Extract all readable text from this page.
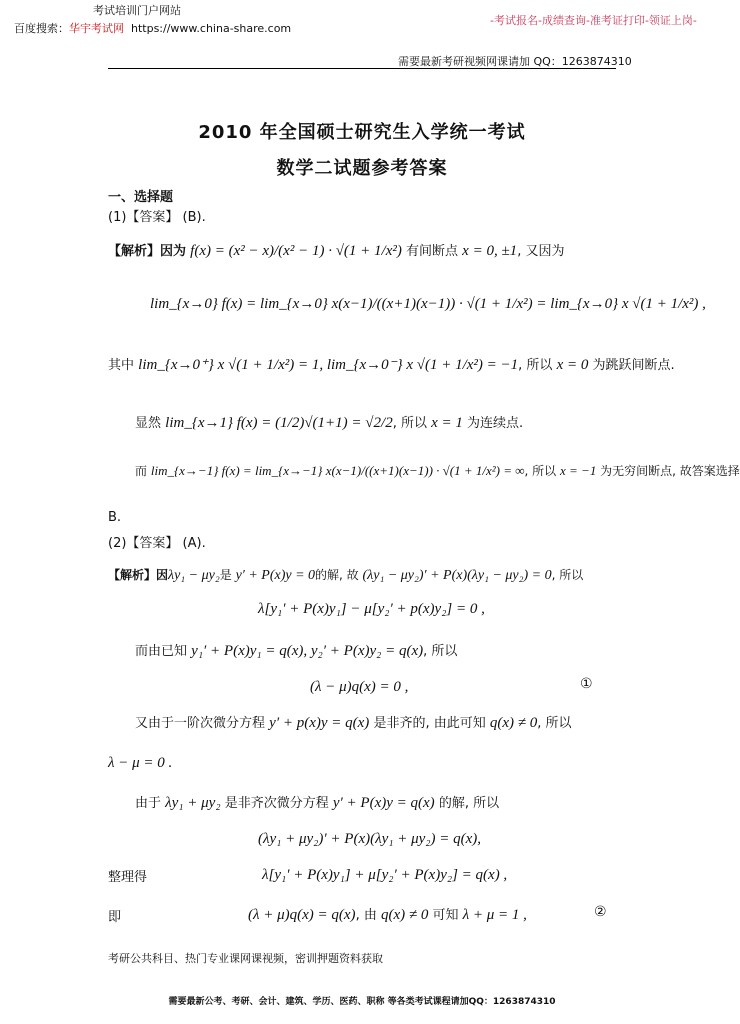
考试培训门户网站
百度搜索：华宇考试网 https://www.china-share.com
-考试报名-成绩查询-准考证打印-领证上岗-
需要最新考研视频网课请加 QQ：1263874310
2010 年全国硕士研究生入学统一考试
数学二试题参考答案
一、选择题
(1)【答案】 (B).
【解析】因为 f(x) = (x² − x)/(x² − 1) · √(1 + 1/x²) 有间断点 x = 0, ±1, 又因为
lim_{x→0} f(x) = lim_{x→0} x(x−1)/((x+1)(x−1)) · √(1 + 1/x²) = lim_{x→0} x √(1 + 1/x²) ,
其中 lim_{x→0⁺} x √(1 + 1/x²) = 1, lim_{x→0⁻} x √(1 + 1/x²) = −1, 所以 x = 0 为跳跃间断点.
显然 lim_{x→1} f(x) = (1/2)√(1+1) = √2/2, 所以 x = 1 为连续点.
而 lim_{x→−1} f(x) = lim_{x→−1} x(x−1)/((x+1)(x−1)) · √(1 + 1/x²) = ∞, 所以 x = −1 为无穷间断点, 故答案选择
B.
(2)【答案】 (A).
【解析】因λy₁ − μy₂是 y′ + P(x)y = 0的解, 故 (λy₁ − μy₂)′ + P(x)(λy₁ − μy₂) = 0, 所以
λ[y₁′ + P(x)y₁] − μ[y₂′ + p(x)y₂] = 0 ,
而由已知 y₁′ + P(x)y₁ = q(x), y₂′ + P(x)y₂ = q(x), 所以
(λ − μ)q(x) = 0 ,	①
又由于一阶次微分方程 y′ + p(x)y = q(x) 是非齐的, 由此可知 q(x) ≠ 0, 所以
λ − μ = 0 .
由于 λy₁ + μy₂ 是非齐次微分方程 y′ + P(x)y = q(x) 的解, 所以
(λy₁ + μy₂)′ + P(x)(λy₁ + μy₂) = q(x),
整理得	λ[y₁′ + P(x)y₁] + μ[y₂′ + P(x)y₂] = q(x) ,
即	(λ + μ)q(x) = q(x), 由 q(x) ≠ 0 可知 λ + μ = 1 ,	②
考研公共科目、热门专业课网课视频，密训押题资料获取
需要最新公考、考研、会计、建筑、学历、医药、职称 等各类考试课程请加QQ：1263874310
